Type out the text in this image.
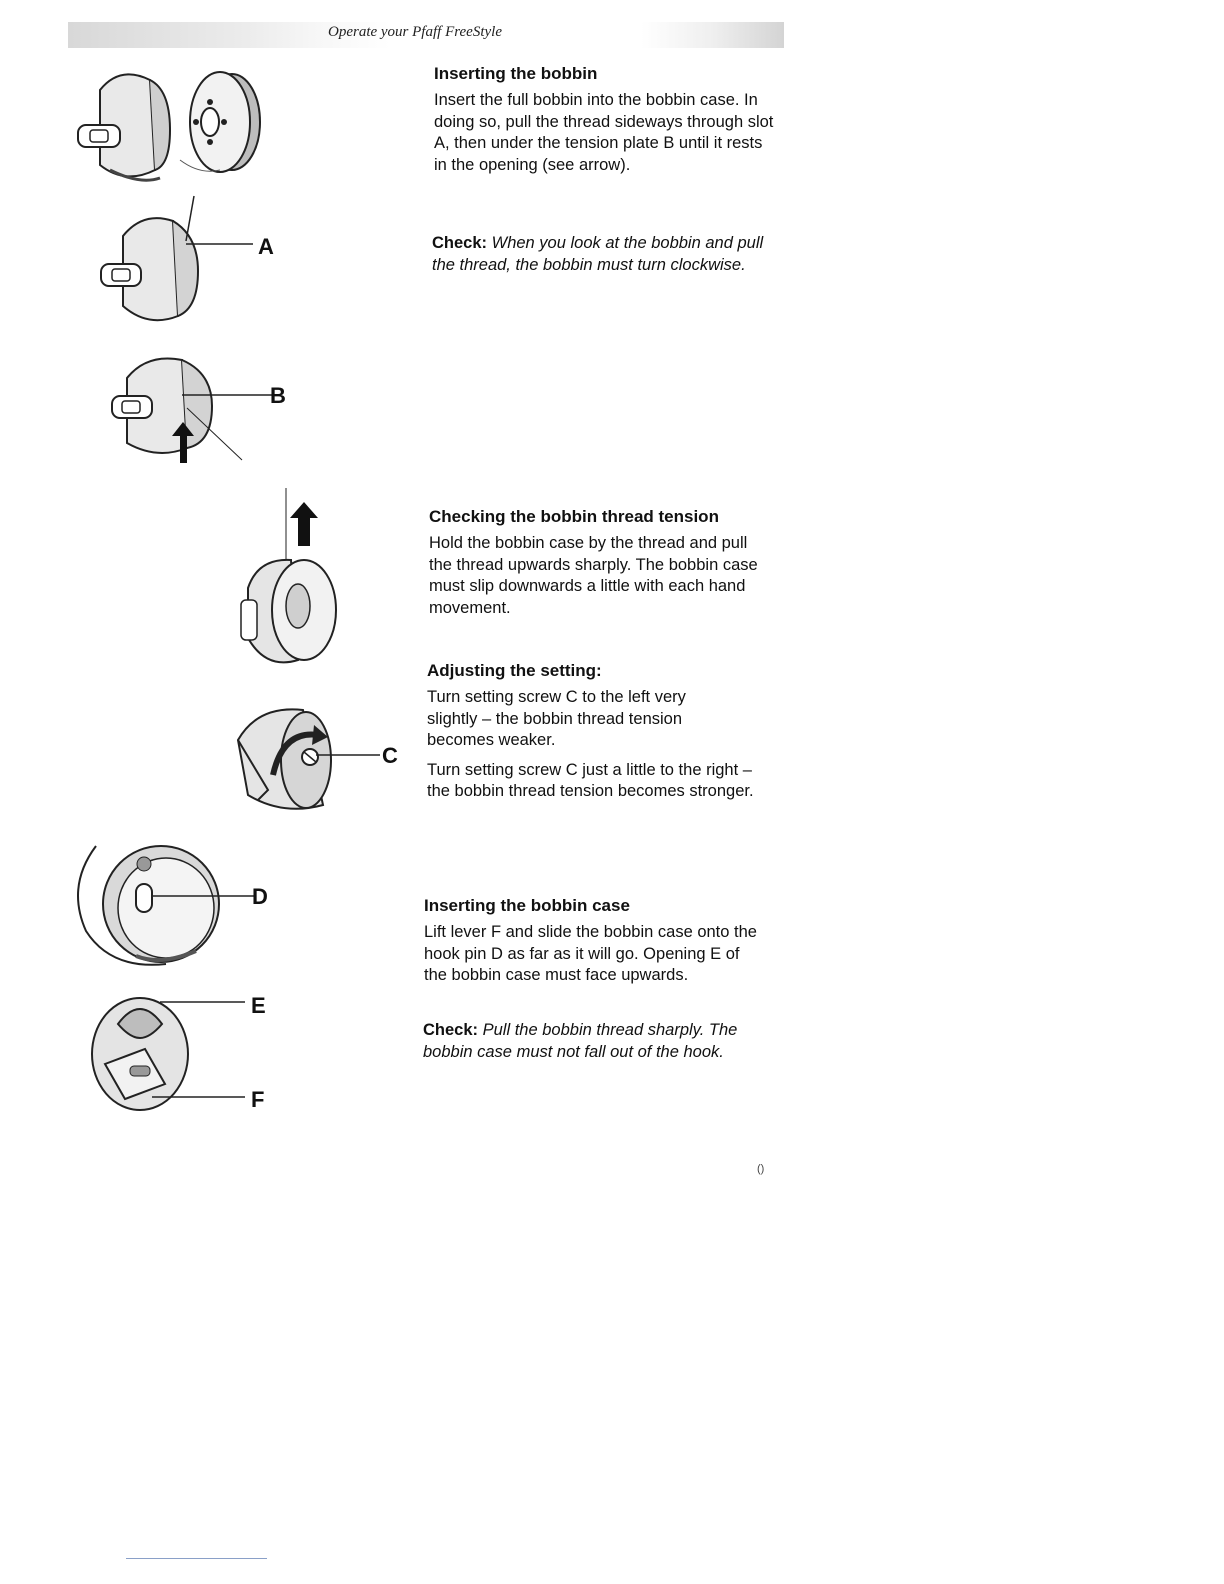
Operate your Pfaff FreeStyle
A
B
C
D
E
F
Inserting the bobbin

Insert the full bobbin into the bobbin case. In doing so, pull the thread sideways through slot A, then under the tension plate B until it rests in the opening (see arrow).

Check: When you look at the bobbin and pull the thread, the bobbin must turn clockwise.

Checking the bobbin thread tension

Hold the bobbin case by the thread and pull the thread upwards sharply. The bobbin case must slip downwards a little with each hand movement.

Adjusting the setting:

Turn setting screw C to the left very slightly – the bobbin thread tension becomes weaker.

Turn setting screw C just a little to the right – the bobbin thread tension becomes stronger.

Inserting the bobbin case

Lift lever F and slide the bobbin case onto the hook pin D as far as it will go. Opening E of the bobbin case must face upwards.

Check: Pull the bobbin thread sharply. The bobbin case must not fall out of the hook.

()
